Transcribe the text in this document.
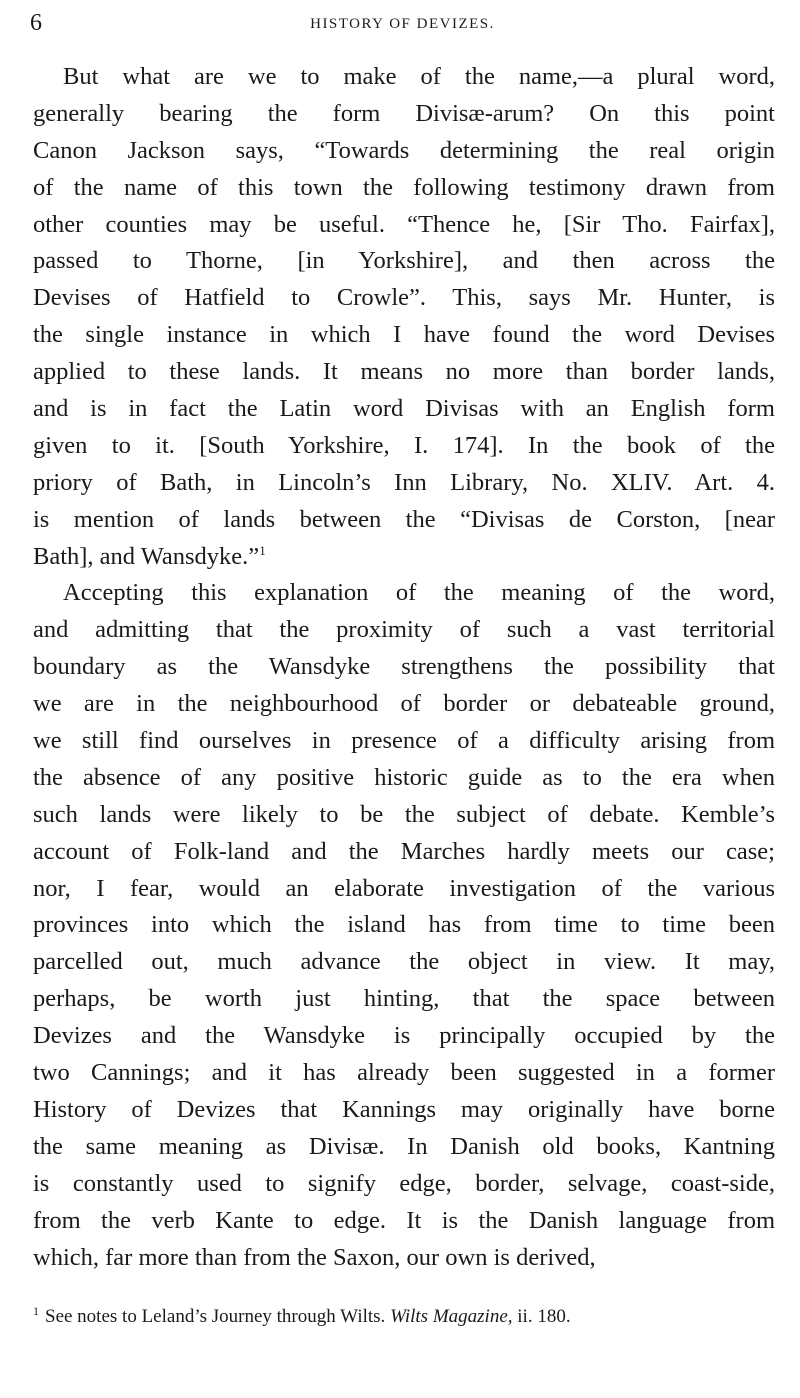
6	HISTORY OF DEVIZES.
But what are we to make of the name,—a plural word,
generally bearing the form Divisæ-arum? On this point
Canon Jackson says, “Towards determining the real origin
of the name of this town the following testimony drawn from
other counties may be useful. “Thence he, [Sir Tho. Fairfax],
passed to Thorne, [in Yorkshire], and then across the
Devises of Hatfield to Crowle”. This, says Mr. Hunter, is
the single instance in which I have found the word Devises
applied to these lands. It means no more than border lands,
and is in fact the Latin word Divisas with an English form
given to it. [South Yorkshire, I. 174]. In the book of the
priory of Bath, in Lincoln’s Inn Library, No. XLIV. Art. 4.
is mention of lands between the “Divisas de Corston, [near
Bath], and Wansdyke.”$^1$
Accepting this explanation of the meaning of the word,
and admitting that the proximity of such a vast territorial
boundary as the Wansdyke strengthens the possibility that
we are in the neighbourhood of border or debateable ground,
we still find ourselves in presence of a difficulty arising from
the absence of any positive historic guide as to the era when
such lands were likely to be the subject of debate. Kemble’s
account of Folk-land and the Marches hardly meets our case;
nor, I fear, would an elaborate investigation of the various
provinces into which the island has from time to time been
parcelled out, much advance the object in view. It may,
perhaps, be worth just hinting, that the space between
Devizes and the Wansdyke is principally occupied by the
two Cannings; and it has already been suggested in a former
History of Devizes that Kannings may originally have borne
the same meaning as Divisæ. In Danish old books, Kantning
is constantly used to signify edge, border, selvage, coast-side,
from the verb Kante to edge. It is the Danish language from
which, far more than from the Saxon, our own is derived,
$^1$ See notes to Leland’s Journey through Wilts. Wilts Magazine, ii. 180.
